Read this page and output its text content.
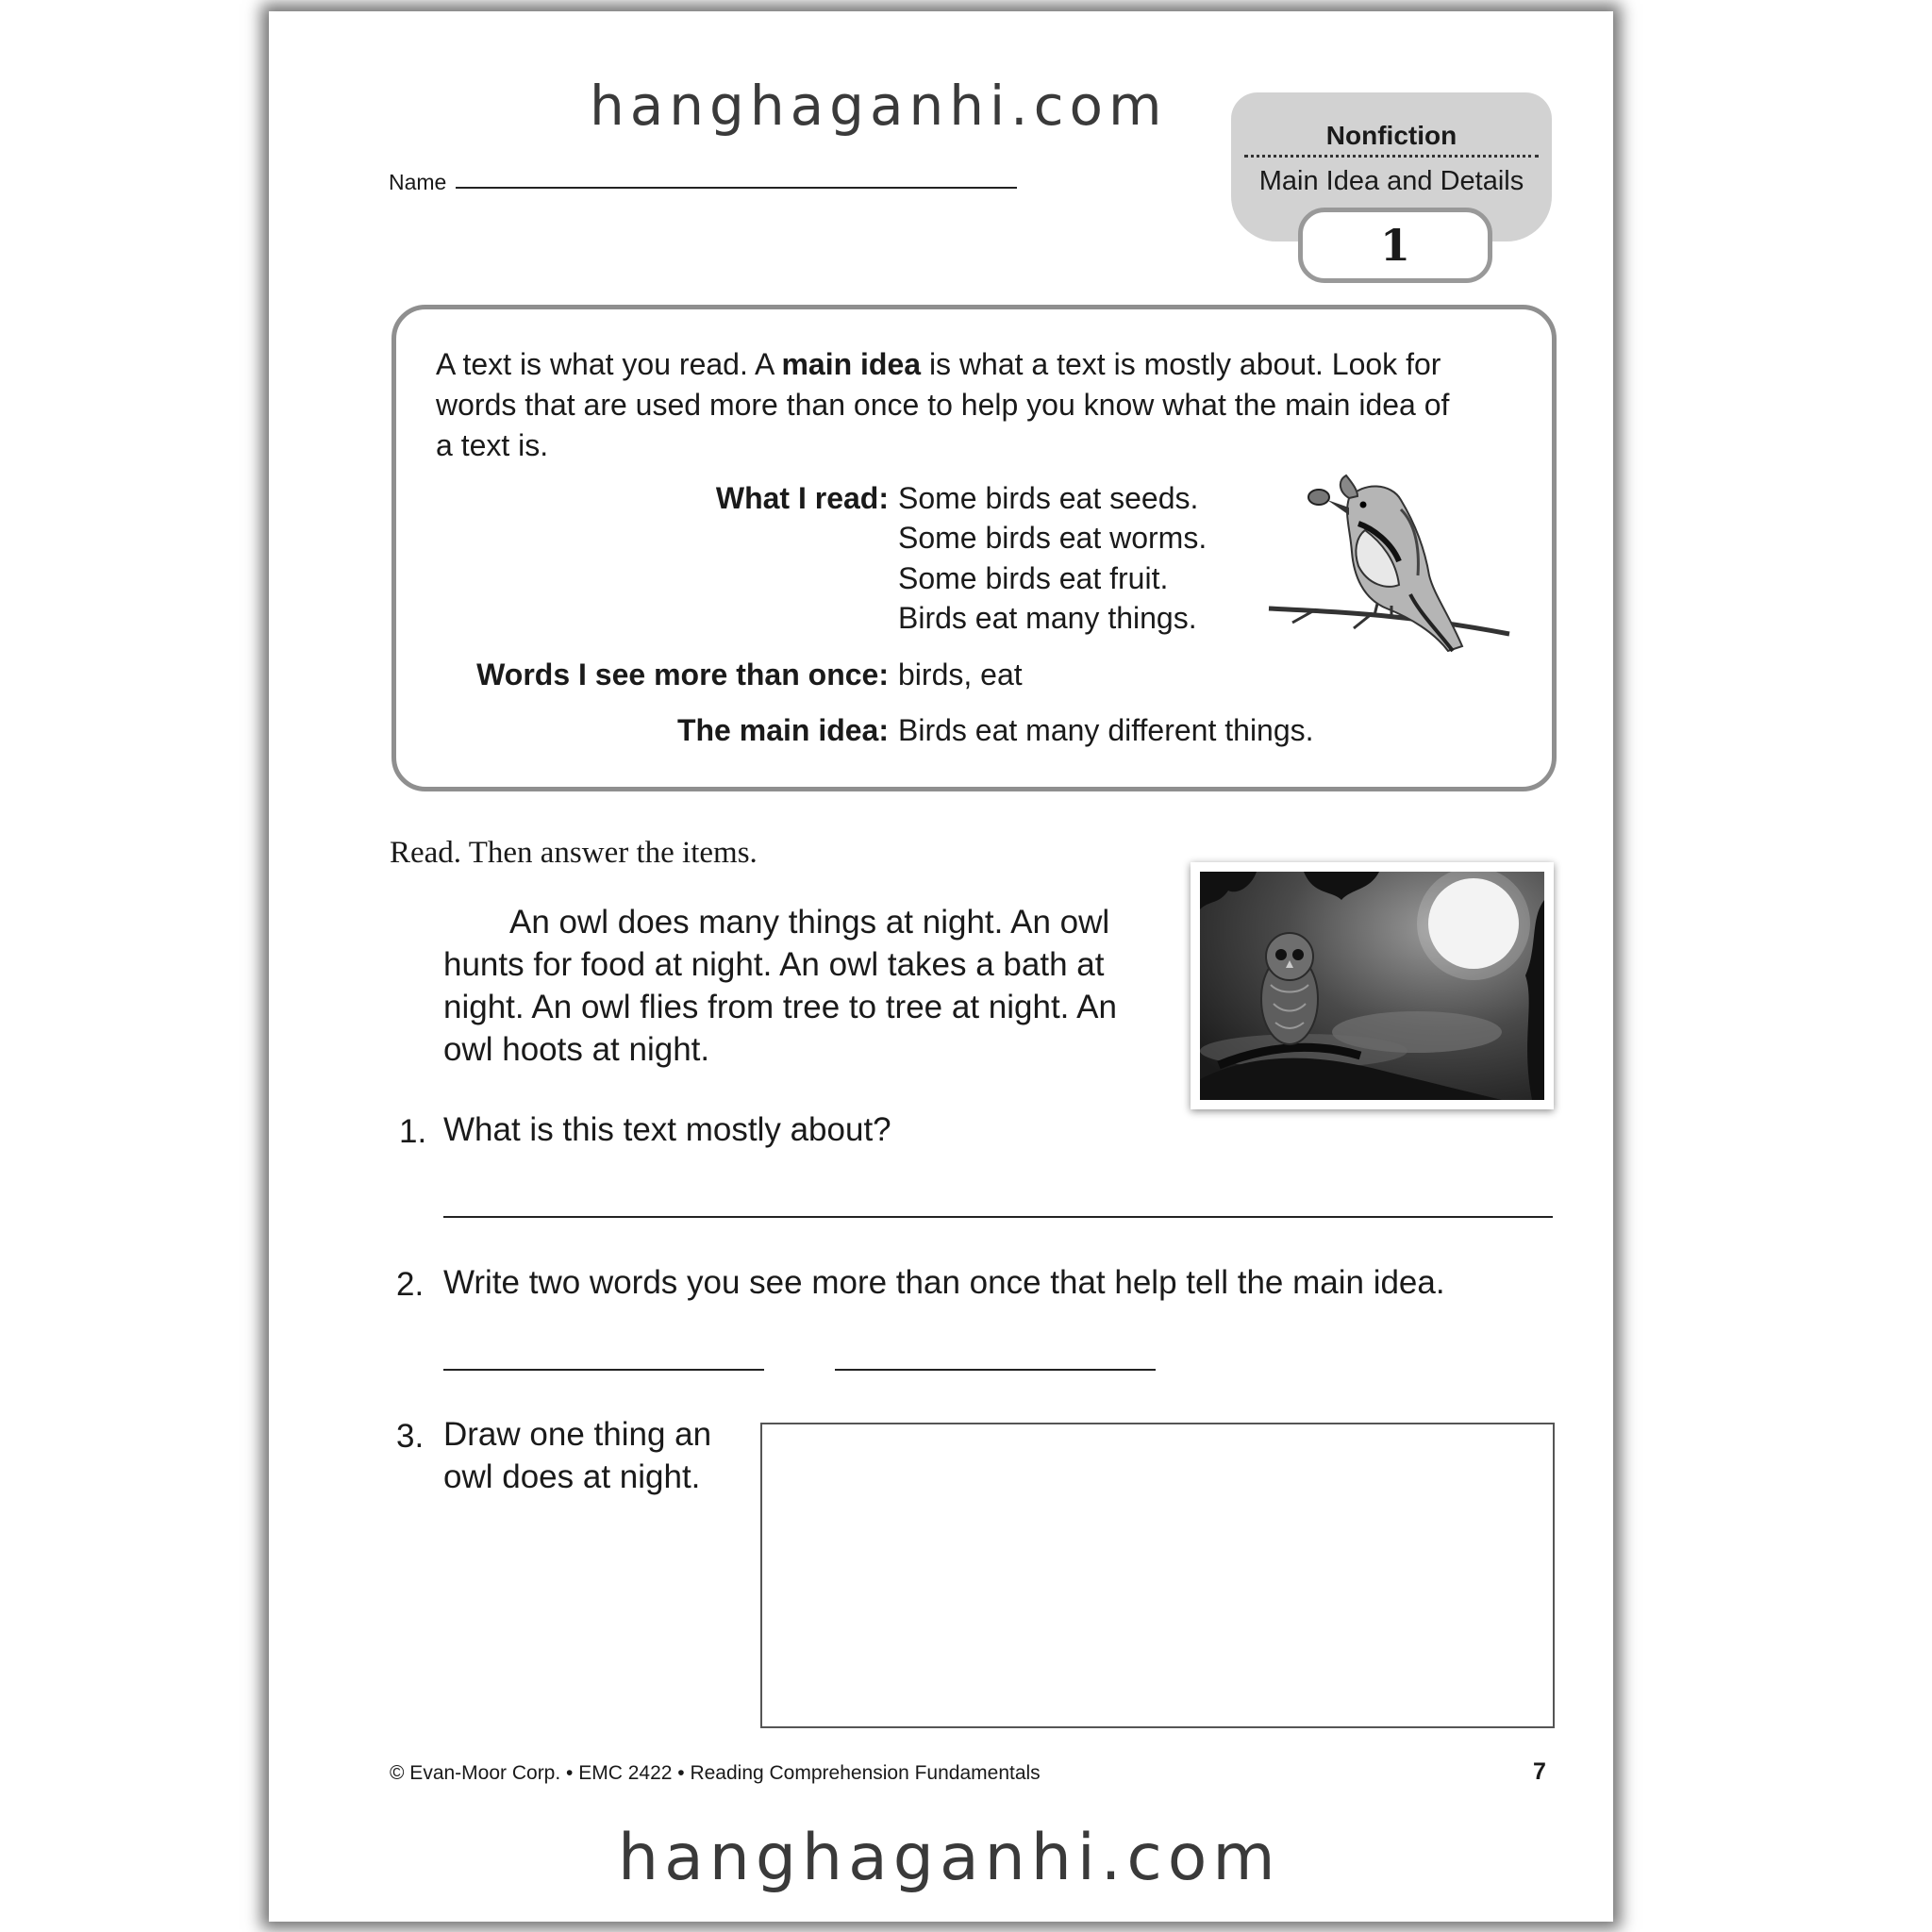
hanghaganhi.com
Name
Nonfiction
Main Idea and Details
1
A text is what you read. A main idea is what a text is mostly about. Look for words that are used more than once to help you know what the main idea of a text is.
What I read: Some birds eat seeds.
Some birds eat worms.
Some birds eat fruit.
Birds eat many things.
Words I see more than once: birds, eat
The main idea: Birds eat many different things.
Read. Then answer the items.
An owl does many things at night. An owl hunts for food at night. An owl takes a bath at night. An owl flies from tree to tree at night. An owl hoots at night.
1. What is this text mostly about?
2. Write two words you see more than once that help tell the main idea.
3. Draw one thing an owl does at night.
© Evan-Moor Corp. • EMC 2422 • Reading Comprehension Fundamentals	7
hanghaganhi.com
